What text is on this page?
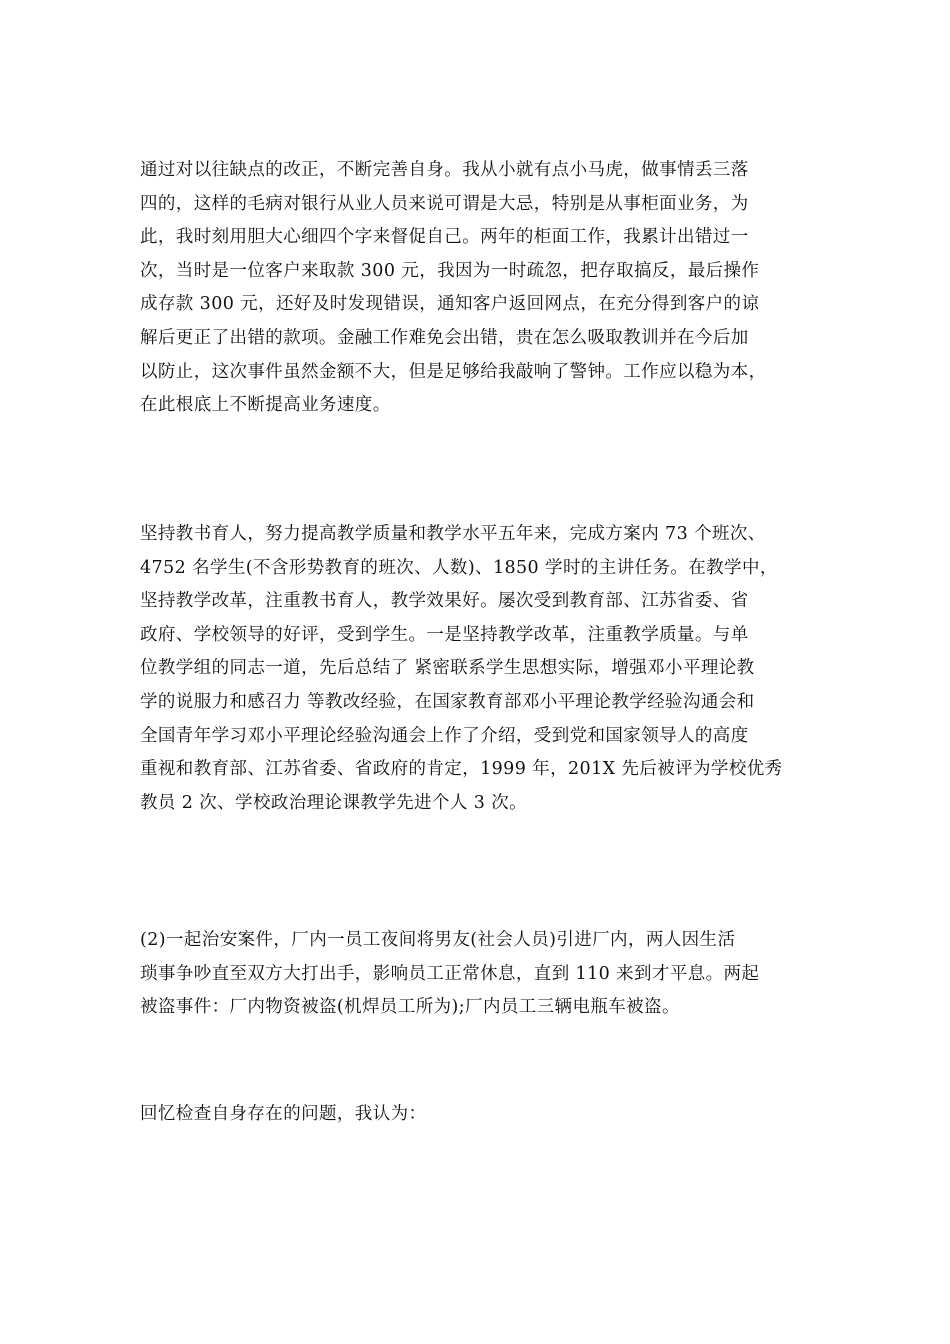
通过对以往缺点的改正，不断完善自身。我从小就有点小马虎，做事情丢三落
四的，这样的毛病对银行从业人员来说可谓是大忌，特别是从事柜面业务，为
此，我时刻用胆大心细四个字来督促自己。两年的柜面工作，我累计出错过一
次，当时是一位客户来取款 300 元，我因为一时疏忽，把存取搞反，最后操作
成存款 300 元，还好及时发现错误，通知客户返回网点，在充分得到客户的谅
解后更正了出错的款项。金融工作难免会出错，贵在怎么吸取教训并在今后加
以防止，这次事件虽然金额不大，但是足够给我敲响了警钟。工作应以稳为本，
在此根底上不断提高业务速度。
坚持教书育人，努力提高教学质量和教学水平五年来，完成方案内 73 个班次、
4752 名学生(不含形势教育的班次、人数)、1850 学时的主讲任务。在教学中，
坚持教学改革，注重教书育人，教学效果好。屡次受到教育部、江苏省委、省
政府、学校领导的好评，受到学生。一是坚持教学改革，注重教学质量。与单
位教学组的同志一道，先后总结了 紧密联系学生思想实际，增强邓小平理论教
学的说服力和感召力 等教改经验，在国家教育部邓小平理论教学经验沟通会和
全国青年学习邓小平理论经验沟通会上作了介绍，受到党和国家领导人的高度
重视和教育部、江苏省委、省政府的肯定，1999 年，201X 先后被评为学校优秀
教员 2 次、学校政治理论课教学先进个人 3 次。
(2)一起治安案件，厂内一员工夜间将男友(社会人员)引进厂内，两人因生活
琐事争吵直至双方大打出手，影响员工正常休息，直到 110 来到才平息。两起
被盗事件：厂内物资被盗(机焊员工所为);厂内员工三辆电瓶车被盗。
回忆检查自身存在的问题，我认为：
